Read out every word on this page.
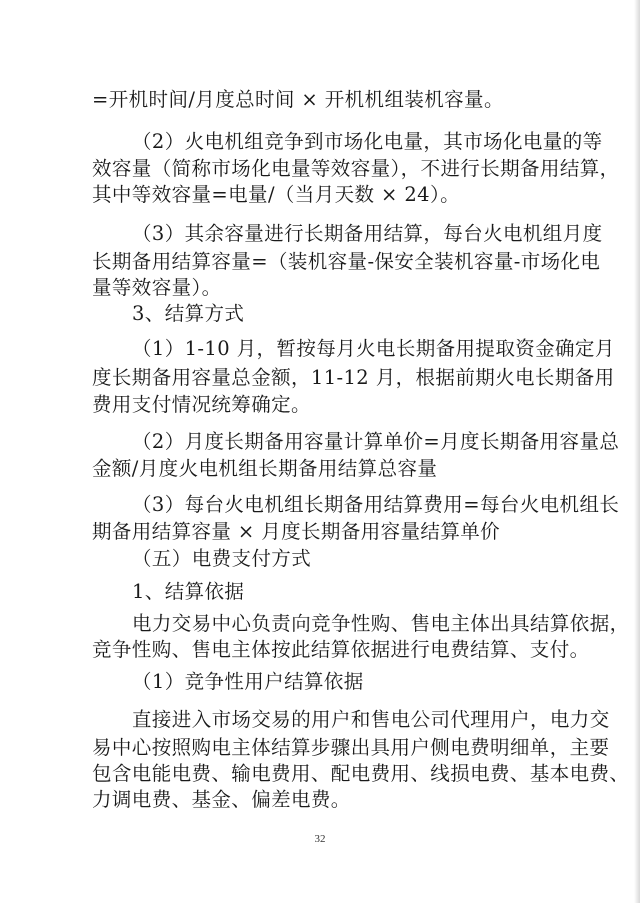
=开机时间/月度总时间 × 开机机组装机容量。
（2）火电机组竞争到市场化电量，其市场化电量的等
效容量（简称市场化电量等效容量），不进行长期备用结算，
其中等效容量=电量/（当月天数 × 24）。
（3）其余容量进行长期备用结算，每台火电机组月度
长期备用结算容量=（装机容量-保安全装机容量-市场化电
量等效容量）。
3、结算方式
（1）1-10 月，暂按每月火电长期备用提取资金确定月
度长期备用容量总金额，11-12 月，根据前期火电长期备用
费用支付情况统筹确定。
（2）月度长期备用容量计算单价=月度长期备用容量总
金额/月度火电机组长期备用结算总容量
（3）每台火电机组长期备用结算费用=每台火电机组长
期备用结算容量 × 月度长期备用容量结算单价
（五）电费支付方式
1、结算依据
电力交易中心负责向竞争性购、售电主体出具结算依据，
竞争性购、售电主体按此结算依据进行电费结算、支付。
（1）竞争性用户结算依据
直接进入市场交易的用户和售电公司代理用户，电力交
易中心按照购电主体结算步骤出具用户侧电费明细单，主要
包含电能电费、输电费用、配电费用、线损电费、基本电费、
力调电费、基金、偏差电费。
32
